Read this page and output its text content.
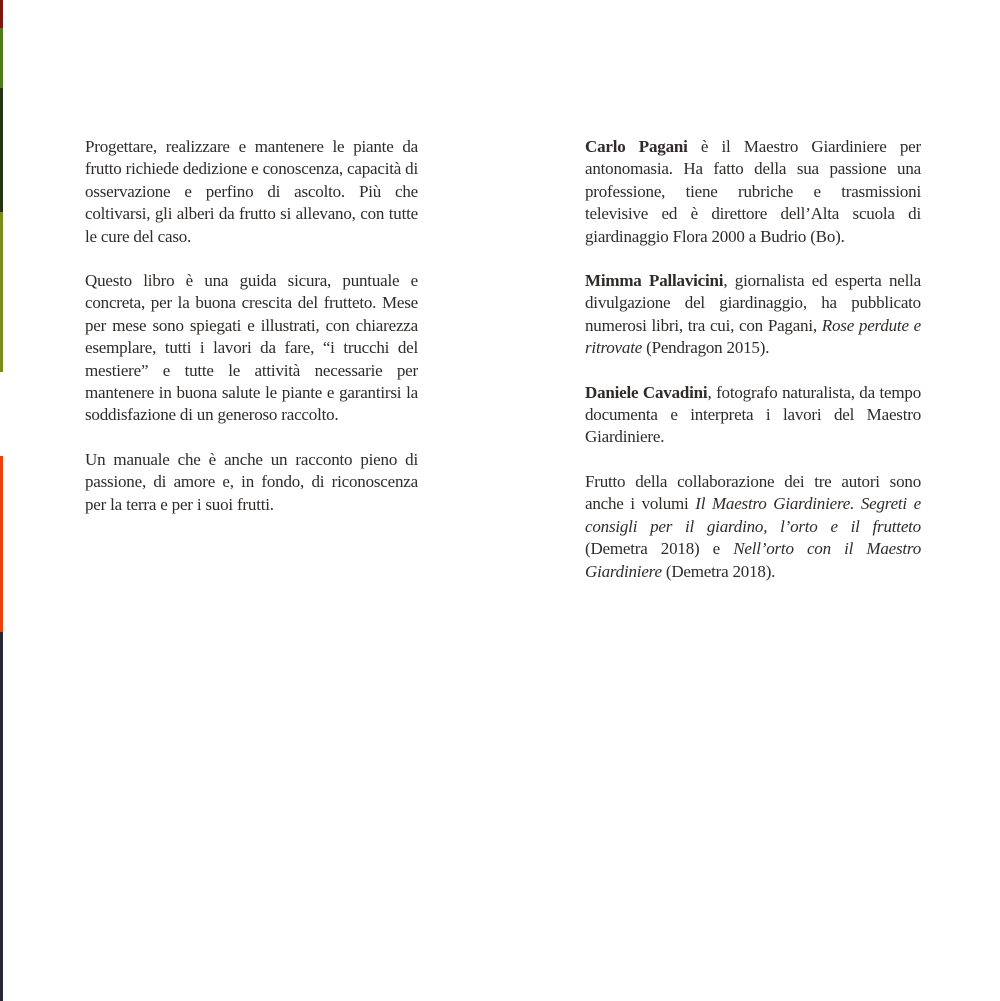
Progettare, realizzare e mantenere le piante da frutto richiede dedizione e conoscenza, capacità di osservazione e perfino di ascolto. Più che coltivarsi, gli alberi da frutto si allevano, con tutte le cure del caso.

Questo libro è una guida sicura, puntuale e concreta, per la buona crescita del frutteto. Mese per mese sono spiegati e illustrati, con chiarezza esemplare, tutti i lavori da fare, “i trucchi del mestiere” e tutte le attività necessarie per mantenere in buona salute le piante e garantirsi la soddisfazione di un generoso raccolto.

Un manuale che è anche un racconto pieno di passione, di amore e, in fondo, di riconoscenza per la terra e per i suoi frutti.

Carlo Pagani è il Maestro Giardiniere per antonomasia. Ha fatto della sua passione una professione, tiene rubriche e trasmissioni televisive ed è direttore dell’Alta scuola di giardinaggio Flora 2000 a Budrio (Bo).

Mimma Pallavicini, giornalista ed esperta nella divulgazione del giardinaggio, ha pubblicato numerosi libri, tra cui, con Pagani, Rose perdute e ritrovate (Pendragon 2015).

Daniele Cavadini, fotografo naturalista, da tempo documenta e interpreta i lavori del Maestro Giardiniere.

Frutto della collaborazione dei tre autori sono anche i volumi Il Maestro Giardiniere. Segreti e consigli per il giardino, l’orto e il frutteto (Demetra 2018) e Nell’orto con il Maestro Giardiniere (Demetra 2018).
